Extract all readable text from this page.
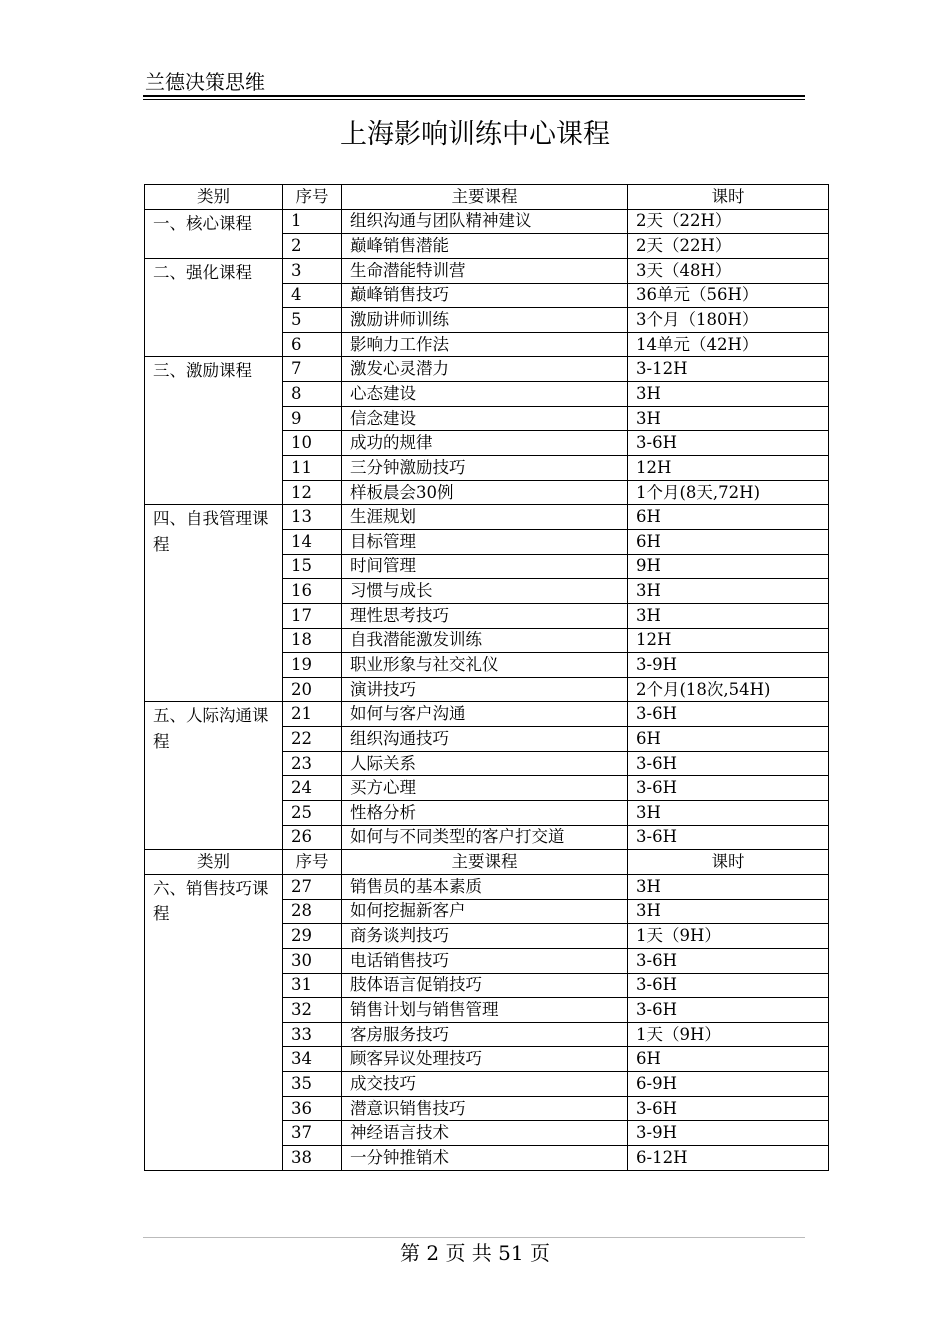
兰德决策思维
上海影响训练中心课程
类别	序号	主要课程	课时
一、核心课程	1	组织沟通与团队精神建议	2天（22H）
	2	巅峰销售潜能	2天（22H）
二、强化课程	3	生命潜能特训营	3天（48H）
	4	巅峰销售技巧	36单元（56H）
	5	激励讲师训练	3个月（180H）
	6	影响力工作法	14单元（42H）
三、激励课程	7	激发心灵潜力	3-12H
	8	心态建设	3H
	9	信念建设	3H
	10	成功的规律	3-6H
	11	三分钟激励技巧	12H
	12	样板晨会30例	1个月(8天,72H)
四、自我管理课程	13	生涯规划	6H
	14	目标管理	6H
	15	时间管理	9H
	16	习惯与成长	3H
	17	理性思考技巧	3H
	18	自我潜能激发训练	12H
	19	职业形象与社交礼仪	3-9H
	20	演讲技巧	2个月(18次,54H)
五、人际沟通课程	21	如何与客户沟通	3-6H
	22	组织沟通技巧	6H
	23	人际关系	3-6H
	24	买方心理	3-6H
	25	性格分析	3H
	26	如何与不同类型的客户打交道	3-6H
类别	序号	主要课程	课时
六、销售技巧课程	27	销售员的基本素质	3H
	28	如何挖掘新客户	3H
	29	商务谈判技巧	1天（9H）
	30	电话销售技巧	3-6H
	31	肢体语言促销技巧	3-6H
	32	销售计划与销售管理	3-6H
	33	客房服务技巧	1天（9H）
	34	顾客异议处理技巧	6H
	35	成交技巧	6-9H
	36	潜意识销售技巧	3-6H
	37	神经语言技术	3-9H
	38	一分钟推销术	6-12H
第 2 页 共 51 页
